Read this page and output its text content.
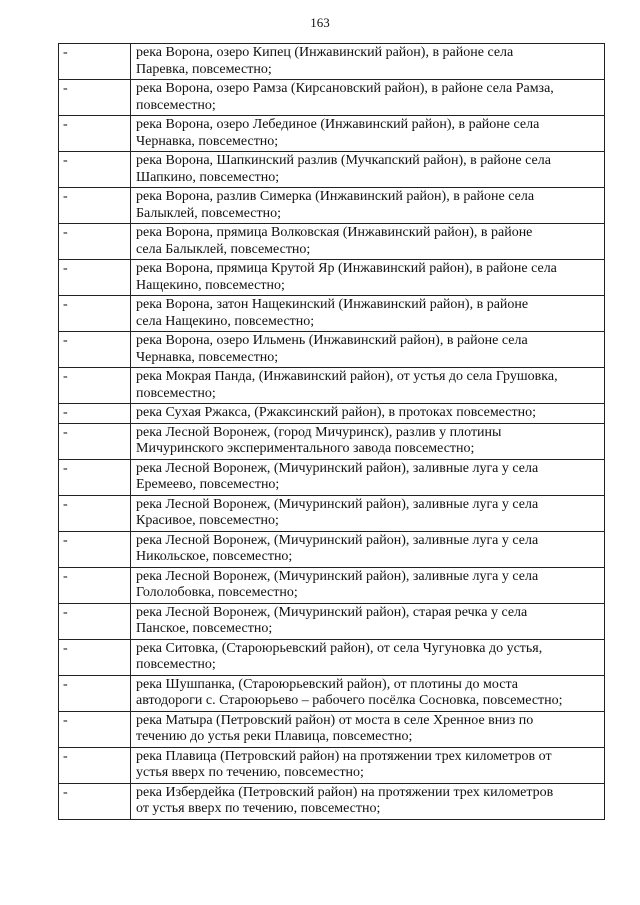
163
-	река Ворона, озеро Кипец (Инжавинский район), в районе села
Паревка, повсеместно;
-	река Ворона, озеро Рамза (Кирсановский район), в районе села Рамза,
повсеместно;
-	река Ворона, озеро Лебединое (Инжавинский район), в районе села
Чернавка, повсеместно;
-	река Ворона, Шапкинский разлив (Мучкапский район), в районе села
Шапкино, повсеместно;
-	река Ворона, разлив Симерка (Инжавинский район), в районе села
Балыклей, повсеместно;
-	река Ворона, прямица Волковская (Инжавинский район), в районе
села Балыклей, повсеместно;
-	река Ворона, прямица Крутой Яр (Инжавинский район), в районе села
Нащекино, повсеместно;
-	река Ворона, затон Нащекинский (Инжавинский район), в районе
села Нащекино, повсеместно;
-	река Ворона, озеро Ильмень (Инжавинский район), в районе села
Чернавка, повсеместно;
-	река Мокрая Панда, (Инжавинский район), от устья до села Грушовка,
повсеместно;
-	река Сухая Ржакса, (Ржаксинский район), в протоках повсеместно;
-	река Лесной Воронеж, (город Мичуринск), разлив у плотины
Мичуринского экспериментального завода повсеместно;
-	река Лесной Воронеж, (Мичуринский район), заливные луга у села
Еремеево, повсеместно;
-	река Лесной Воронеж, (Мичуринский район), заливные луга у села
Красивое, повсеместно;
-	река Лесной Воронеж, (Мичуринский район), заливные луга у села
Никольское, повсеместно;
-	река Лесной Воронеж, (Мичуринский район), заливные луга у села
Гололобовка, повсеместно;
-	река Лесной Воронеж, (Мичуринский район), старая речка у села
Панское, повсеместно;
-	река Ситовка, (Староюрьевский район), от села Чугуновка до устья,
повсеместно;
-	река Шушпанка, (Староюрьевский район), от плотины до моста
автодороги с. Староюрьево – рабочего посёлка Сосновка, повсеместно;
-	река Матыра (Петровский район) от моста в селе Хренное вниз по
течению до устья реки Плавица, повсеместно;
-	река Плавица (Петровский район) на протяжении трех километров от
устья вверх по течению, повсеместно;
-	река Избердейка (Петровский район) на протяжении трех километров
от устья вверх по течению, повсеместно;
